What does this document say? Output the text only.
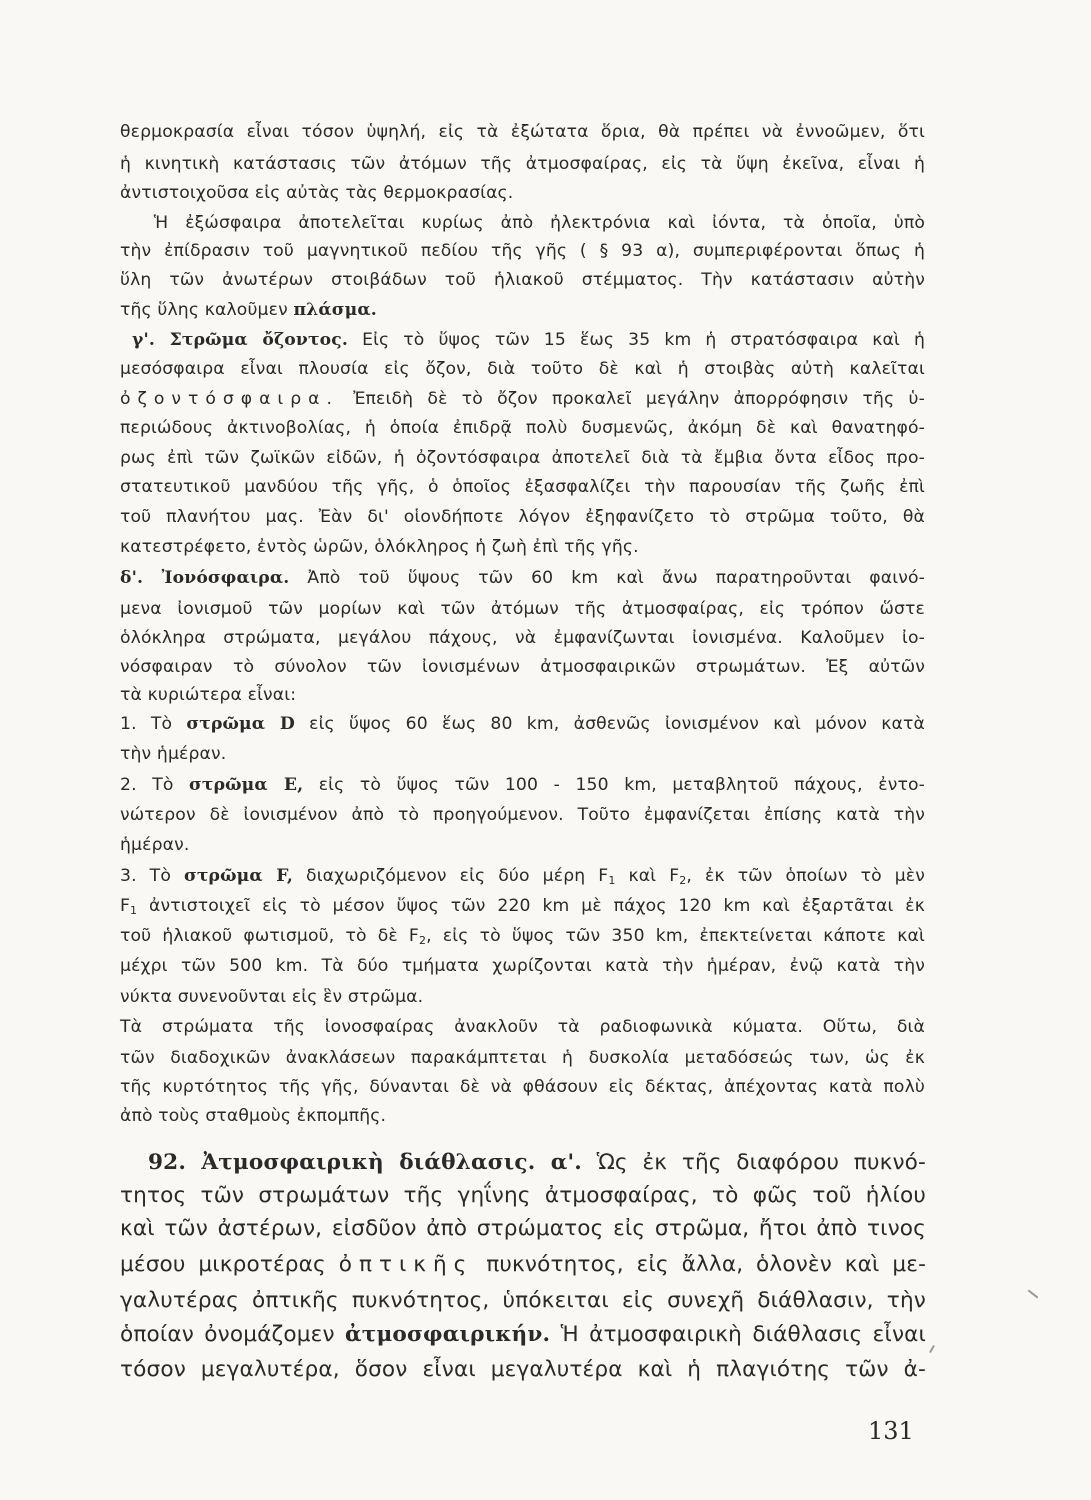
θερμοκρασία εἶναι τόσον ὑψηλή, εἰς τὰ ἐξώτατα ὅρια, θὰ πρέπει νὰ ἐννοῶμεν, ὅτι
ἡ κινητικὴ κατάστασις τῶν ἀτόμων τῆς ἀτμοσφαίρας, εἰς τὰ ὕψη ἐκεῖνα, εἶναι ἡ
ἀντιστοιχοῦσα εἰς αὐτὰς τὰς θερμοκρασίας.
Ἡ ἐξώσφαιρα ἀποτελεῖται κυρίως ἀπὸ ἠλεκτρόνια καὶ ἰόντα, τὰ ὁποῖα, ὑπὸ
τὴν ἐπίδρασιν τοῦ μαγνητικοῦ πεδίου τῆς γῆς ( § 93 α), συμπεριφέρονται ὅπως ἡ
ὕλη τῶν ἀνωτέρων στοιβάδων τοῦ ἡλιακοῦ στέμματος. Τὴν κατάστασιν αὐτὴν
τῆς ὕλης καλοῦμεν πλάσμα.
γ'. Στρῶμα ὄζοντος. Εἰς τὸ ὕψος τῶν 15 ἕως 35 km ἡ στρατόσφαιρα καὶ ἡ
μεσόσφαιρα εἶναι πλουσία εἰς ὄζον, διὰ τοῦτο δὲ καὶ ἡ στοιβὰς αὐτὴ καλεῖται
ὀζοντόσφαιρα. Ἐπειδὴ δὲ τὸ ὄζον προκαλεῖ μεγάλην ἀπορρόφησιν τῆς ὑ-
περιώδους ἀκτινοβολίας, ἡ ὁποία ἐπιδρᾷ πολὺ δυσμενῶς, ἀκόμη δὲ καὶ θανατηφό-
ρως ἐπὶ τῶν ζωϊκῶν εἰδῶν, ἡ ὀζοντόσφαιρα ἀποτελεῖ διὰ τὰ ἔμβια ὄντα εἶδος προ-
στατευτικοῦ μανδύου τῆς γῆς, ὁ ὁποῖος ἐξασφαλίζει τὴν παρουσίαν τῆς ζωῆς ἐπὶ
τοῦ πλανήτου μας. Ἐὰν δι' οἱονδήποτε λόγον ἐξηφανίζετο τὸ στρῶμα τοῦτο, θὰ
κατεστρέφετο, ἐντὸς ὡρῶν, ὁλόκληρος ἡ ζωὴ ἐπὶ τῆς γῆς.
δ'. Ἰονόσφαιρα. Ἀπὸ τοῦ ὕψους τῶν 60 km καὶ ἄνω παρατηροῦνται φαινό-
μενα ἰονισμοῦ τῶν μορίων καὶ τῶν ἀτόμων τῆς ἀτμοσφαίρας, εἰς τρόπον ὥστε
ὁλόκληρα στρώματα, μεγάλου πάχους, νὰ ἐμφανίζωνται ἰονισμένα. Καλοῦμεν ἰο-
νόσφαιραν τὸ σύνολον τῶν ἰονισμένων ἀτμοσφαιρικῶν στρωμάτων. Ἐξ αὐτῶν
τὰ κυριώτερα εἶναι:
1. Τὸ στρῶμα D εἰς ὕψος 60 ἕως 80 km, ἀσθενῶς ἰονισμένον καὶ μόνον κατὰ
τὴν ἡμέραν.
2. Τὸ στρῶμα E, εἰς τὸ ὕψος τῶν 100 - 150 km, μεταβλητοῦ πάχους, ἐντο-
νώτερον δὲ ἰονισμένον ἀπὸ τὸ προηγούμενον. Τοῦτο ἐμφανίζεται ἐπίσης κατὰ τὴν
ἡμέραν.
3. Τὸ στρῶμα F, διαχωριζόμενον εἰς δύο μέρη $F_1$ καὶ $F_2$, ἐκ τῶν ὁποίων τὸ μὲν
$F_1$ ἀντιστοιχεῖ εἰς τὸ μέσον ὕψος τῶν 220 km μὲ πάχος 120 km καὶ ἐξαρτᾶται ἐκ
τοῦ ἡλιακοῦ φωτισμοῦ, τὸ δὲ $F_2$, εἰς τὸ ὕψος τῶν 350 km, ἐπεκτείνεται κάποτε καὶ
μέχρι τῶν 500 km. Τὰ δύο τμήματα χωρίζονται κατὰ τὴν ἡμέραν, ἐνῷ κατὰ τὴν
νύκτα συνενοῦνται εἰς ἓν στρῶμα.
Τὰ στρώματα τῆς ἰονοσφαίρας ἀνακλοῦν τὰ ραδιοφωνικὰ κύματα. Οὕτω, διὰ
τῶν διαδοχικῶν ἀνακλάσεων παρακάμπτεται ἡ δυσκολία μεταδόσεώς των, ὡς ἐκ
τῆς κυρτότητος τῆς γῆς, δύνανται δὲ νὰ φθάσουν εἰς δέκτας, ἀπέχοντας κατὰ πολὺ
ἀπὸ τοὺς σταθμοὺς ἐκπομπῆς.
92. Ἀτμοσφαιρικὴ διάθλασις. α'. Ὡς ἐκ τῆς διαφόρου πυκνό-
τητος τῶν στρωμάτων τῆς γηΐνης ἀτμοσφαίρας, τὸ φῶς τοῦ ἡλίου
καὶ τῶν ἀστέρων, εἰσδῦον ἀπὸ στρώματος εἰς στρῶμα, ἤτοι ἀπὸ τινος
μέσου μικροτέρας ὀπτικῆς πυκνότητος, εἰς ἄλλα, ὁλονὲν καὶ με-
γαλυτέρας ὀπτικῆς πυκνότητος, ὑπόκειται εἰς συνεχῆ διάθλασιν, τὴν
ὁποίαν ὀνομάζομεν ἀτμοσφαιρικήν. Ἡ ἀτμοσφαιρικὴ διάθλασις εἶναι
τόσον μεγαλυτέρα, ὅσον εἶναι μεγαλυτέρα καὶ ἡ πλαγιότης τῶν ἀ-
131
